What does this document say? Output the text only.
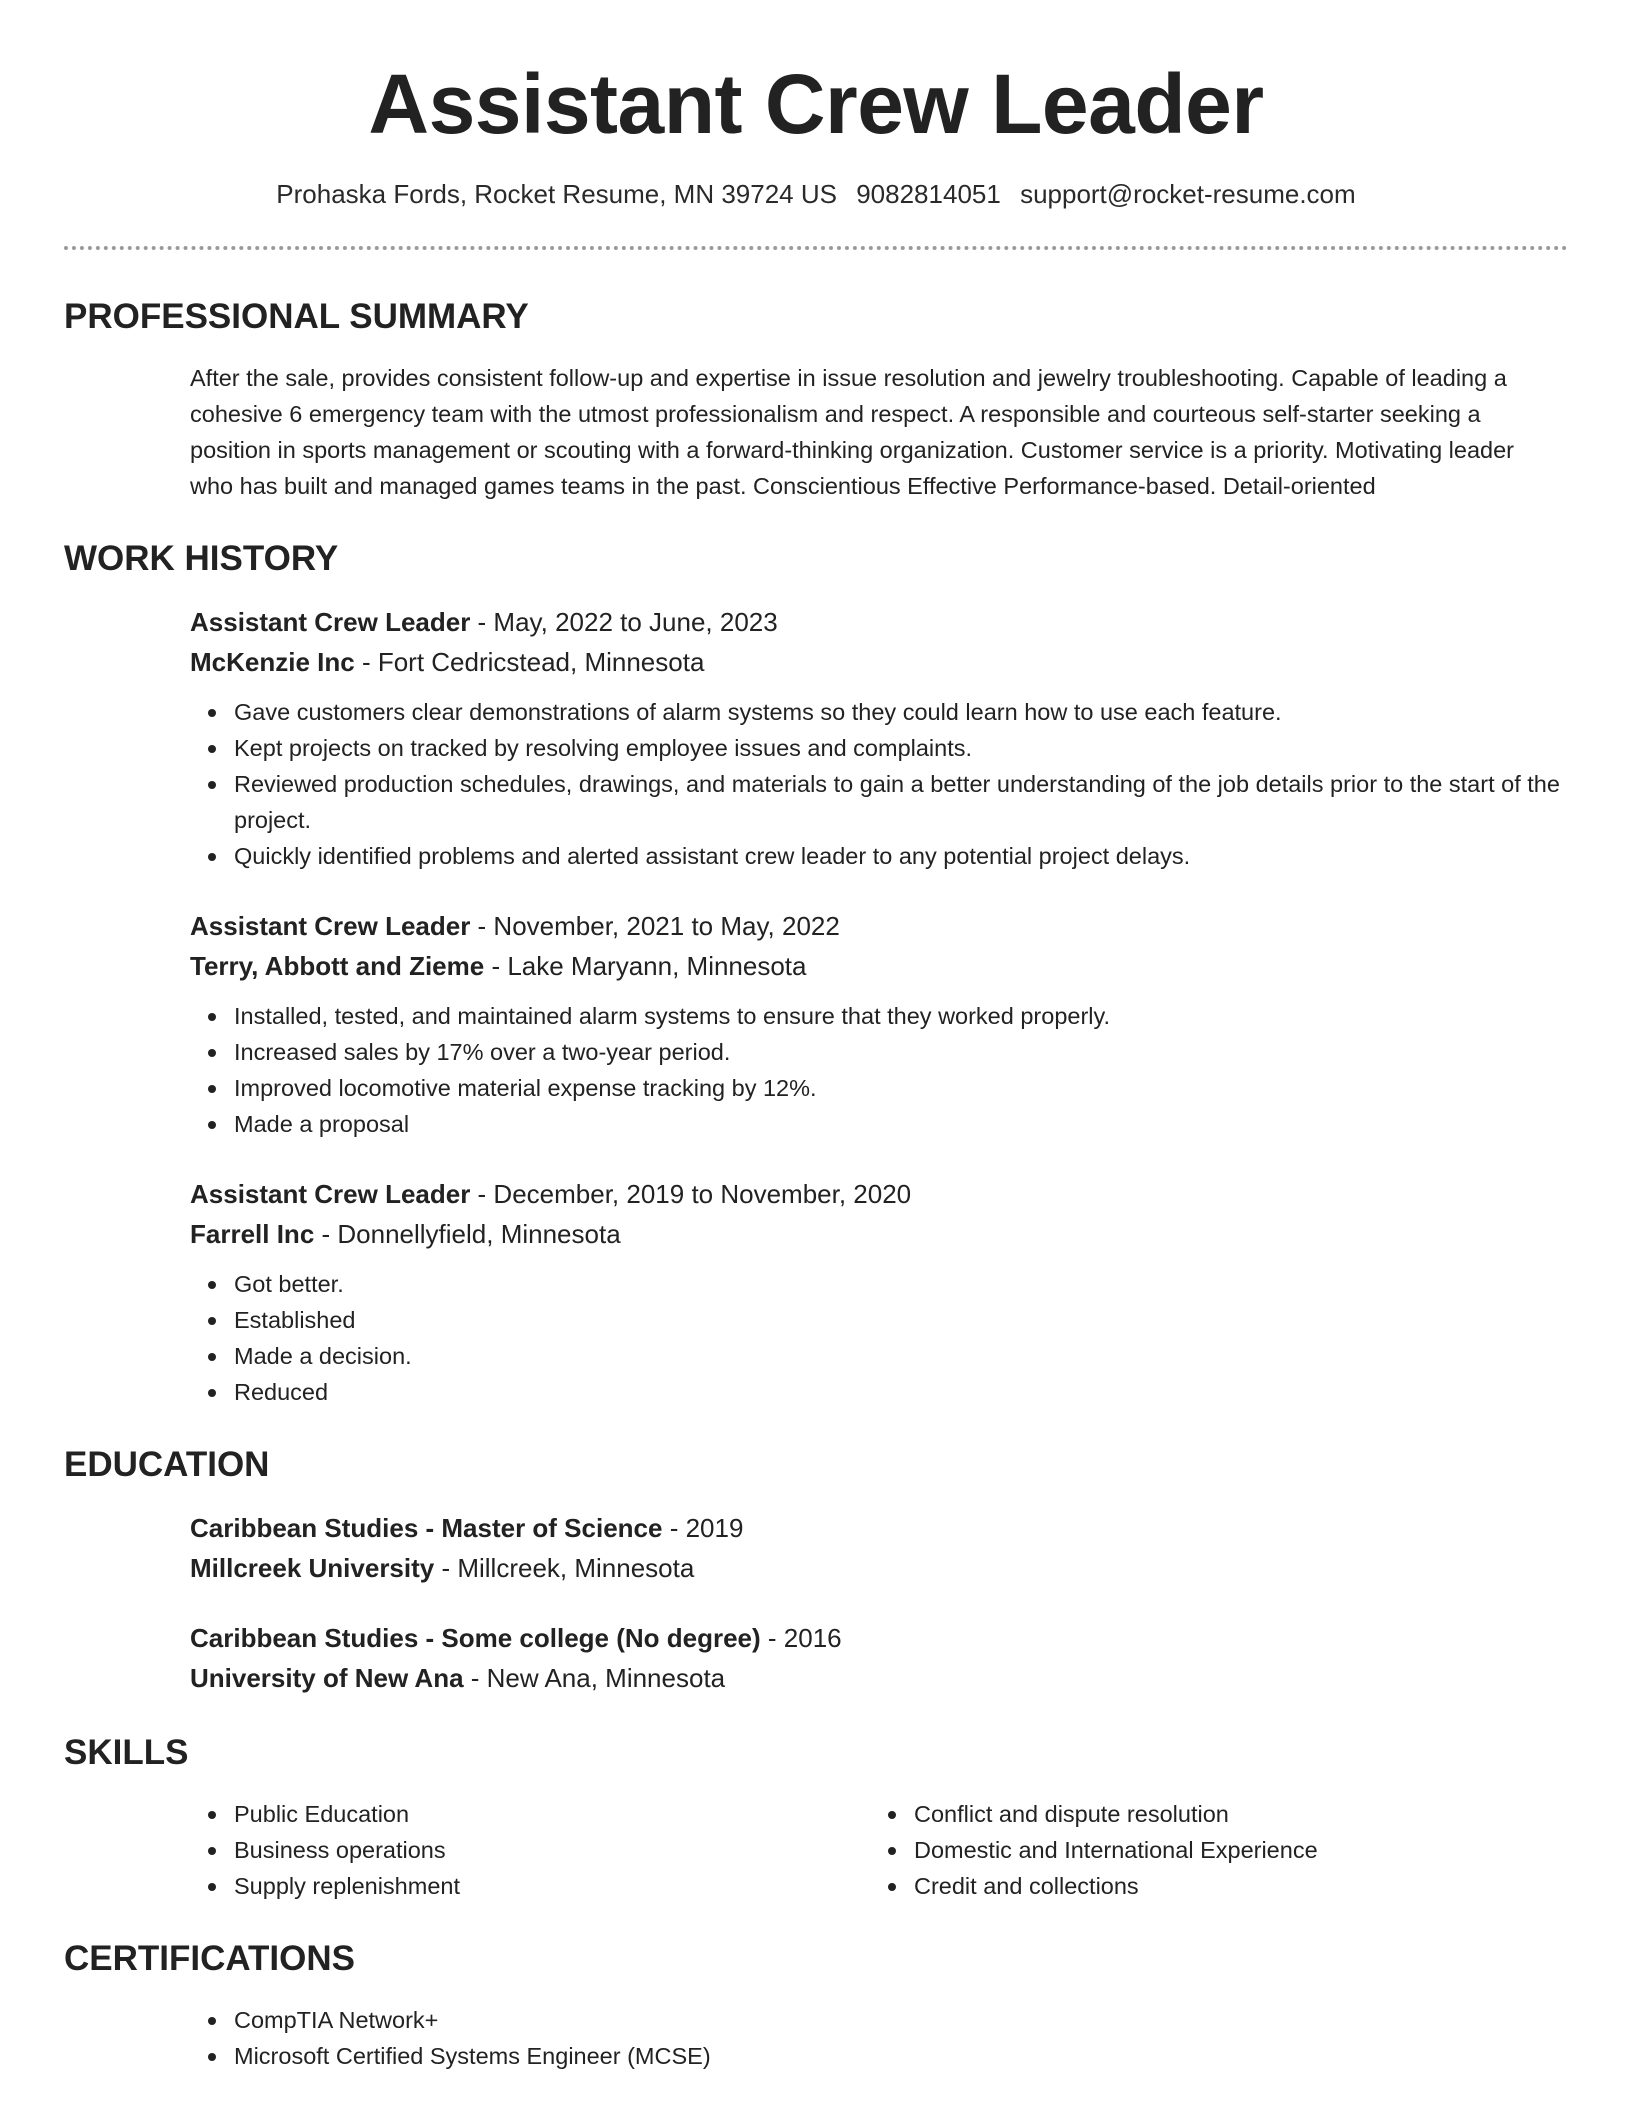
Assistant Crew Leader
Prohaska Fords, Rocket Resume, MN 39724 US 9082814051 support@rocket-resume.com
PROFESSIONAL SUMMARY

After the sale, provides consistent follow-up and expertise in issue resolution and jewelry troubleshooting. Capable of leading a cohesive 6 emergency team with the utmost professionalism and respect. A responsible and courteous self-starter seeking a position in sports management or scouting with a forward-thinking organization. Customer service is a priority. Motivating leader who has built and managed games teams in the past. Conscientious Effective Performance-based. Detail-oriented

WORK HISTORY
Assistant Crew Leader - May, 2022 to June, 2023
McKenzie Inc - Fort Cedricstead, Minnesota
Gave customers clear demonstrations of alarm systems so they could learn how to use each feature.
Kept projects on tracked by resolving employee issues and complaints.
Reviewed production schedules, drawings, and materials to gain a better understanding of the job details prior to the start of the project.
Quickly identified problems and alerted assistant crew leader to any potential project delays.
Assistant Crew Leader - November, 2021 to May, 2022
Terry, Abbott and Zieme - Lake Maryann, Minnesota
Installed, tested, and maintained alarm systems to ensure that they worked properly.
Increased sales by 17% over a two-year period.
Improved locomotive material expense tracking by 12%.
Made a proposal
Assistant Crew Leader - December, 2019 to November, 2020
Farrell Inc - Donnellyfield, Minnesota
Got better.
Established
Made a decision.
Reduced
EDUCATION
Caribbean Studies - Master of Science - 2019
Millcreek University - Millcreek, Minnesota
Caribbean Studies - Some college (No degree) - 2016
University of New Ana - New Ana, Minnesota
SKILLS
Public Education
Business operations
Supply replenishment
Conflict and dispute resolution
Domestic and International Experience
Credit and collections
CERTIFICATIONS
CompTIA Network+
Microsoft Certified Systems Engineer (MCSE)
